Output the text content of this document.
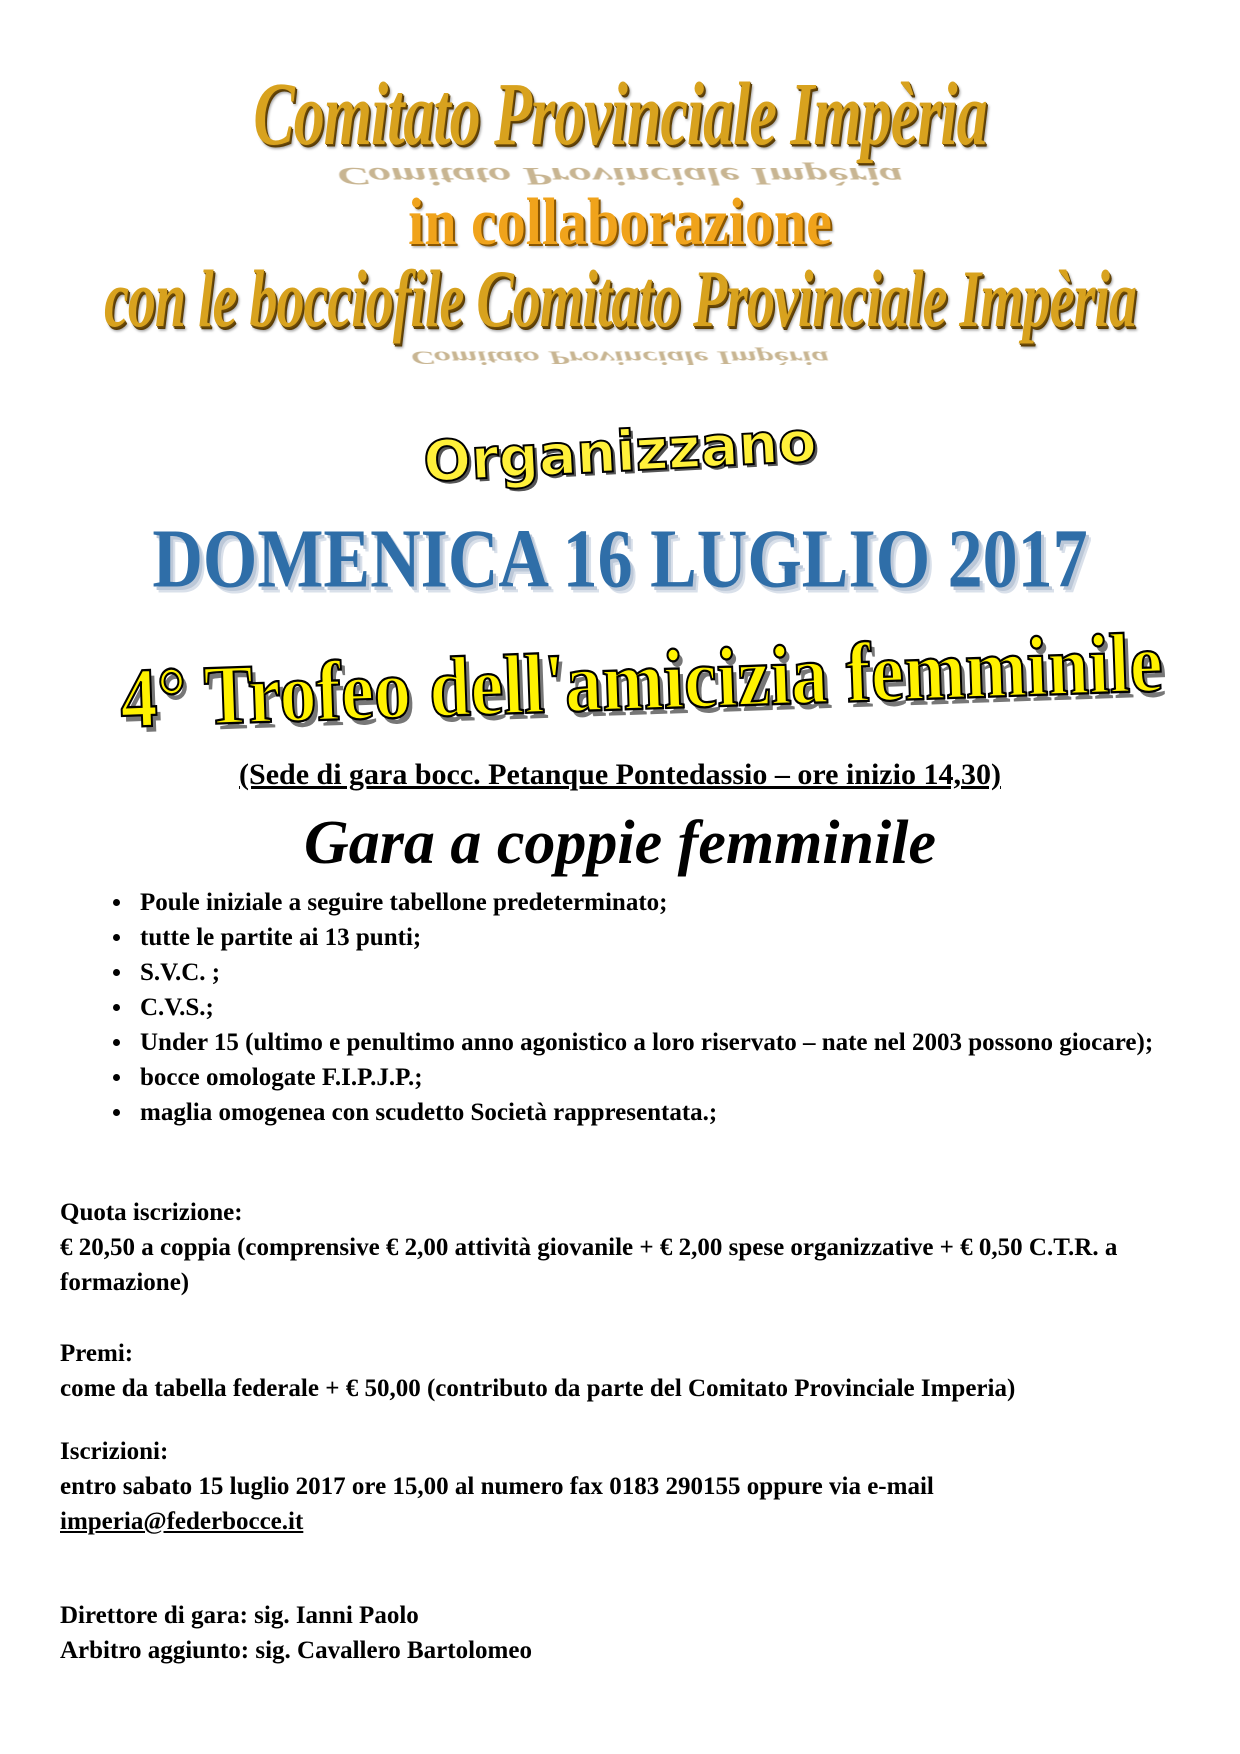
Comitato Provinciale Impèria
Comitato Provinciale Impèria
in collaborazione
con le bocciofile Comitato Provinciale Impèria
Comitato Provinciale Impèria
Organizzano
DOMENICA 16 LUGLIO 2017
4° Trofeo dell'amicizia femminile
(Sede di gara bocc. Petanque Pontedassio – ore inizio 14,30)
Gara a coppie femminile
• Poule iniziale a seguire tabellone predeterminato;
• tutte le partite ai 13 punti;
• S.V.C. ;
• C.V.S.;
• Under 15 (ultimo e penultimo anno agonistico a loro riservato – nate nel 2003 possono giocare);
• bocce omologate F.I.P.J.P.;
• maglia omogenea con scudetto Società rappresentata.;
Quota iscrizione:
€ 20,50 a coppia (comprensive € 2,00 attività giovanile + € 2,00 spese organizzative + € 0,50 C.T.R. a formazione)
Premi:
come da tabella federale + € 50,00 (contributo da parte del Comitato Provinciale Imperia)
Iscrizioni:
entro sabato 15 luglio 2017 ore 15,00 al numero fax 0183 290155 oppure via e-mail
imperia@federbocce.it
Direttore di gara: sig. Ianni Paolo
Arbitro aggiunto: sig. Cavallero Bartolomeo
